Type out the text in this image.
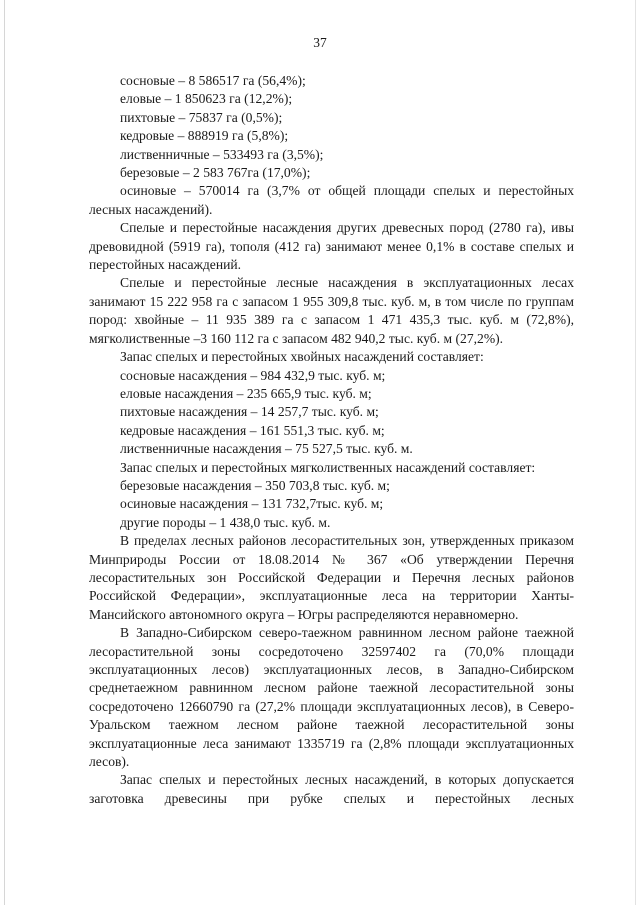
37

сосновые – 8 586517 га (56,4%);

еловые – 1 850623 га (12,2%);

пихтовые – 75837 га (0,5%);

кедровые – 888919 га (5,8%);

лиственничные – 533493 га (3,5%);

березовые – 2 583 767га (17,0%);

осиновые – 570014 га (3,7% от общей площади спелых и перестойных лесных насаждений).

Спелые и перестойные насаждения других древесных пород (2780 га), ивы древовидной (5919 га), тополя (412 га) занимают менее 0,1% в составе спелых и перестойных насаждений.

Спелые и перестойные лесные насаждения в эксплуатационных лесах занимают 15 222 958 га с запасом 1 955 309,8 тыс. куб. м, в том числе по группам пород: хвойные – 11 935 389 га с запасом 1 471 435,3 тыс. куб. м (72,8%), мягколиственные –3 160 112 га с запасом 482 940,2 тыс. куб. м (27,2%).

Запас спелых и перестойных хвойных насаждений составляет:

сосновые насаждения – 984 432,9 тыс. куб. м;

еловые насаждения – 235 665,9 тыс. куб. м;

пихтовые насаждения – 14 257,7 тыс. куб. м;

кедровые насаждения – 161 551,3 тыс. куб. м;

лиственничные насаждения – 75 527,5 тыс. куб. м.

Запас спелых и перестойных мягколиственных насаждений составляет:

березовые насаждения – 350 703,8 тыс. куб. м;

осиновые насаждения – 131 732,7тыс. куб. м;

другие породы – 1 438,0 тыс. куб. м.

В пределах лесных районов лесорастительных зон, утвержденных приказом Минприроды России от 18.08.2014 № 367 «Об утверждении Перечня лесорастительных зон Российской Федерации и Перечня лесных районов Российской Федерации», эксплуатационные леса на территории Ханты-Мансийского автономного округа – Югры распределяются неравномерно.

В Западно-Сибирском северо-таежном равнинном лесном районе таежной лесорастительной зоны сосредоточено 32597402 га (70,0% площади эксплуатационных лесов) эксплуатационных лесов, в Западно-Сибирском среднетаежном равнинном лесном районе таежной лесорастительной зоны сосредоточено 12660790 га (27,2% площади эксплуатационных лесов), в Северо-Уральском таежном лесном районе таежной лесорастительной зоны эксплуатационные леса занимают 1335719 га (2,8% площади эксплуатационных лесов).

Запас спелых и перестойных лесных насаждений, в которых допускается заготовка древесины при рубке спелых и перестойных лесных
